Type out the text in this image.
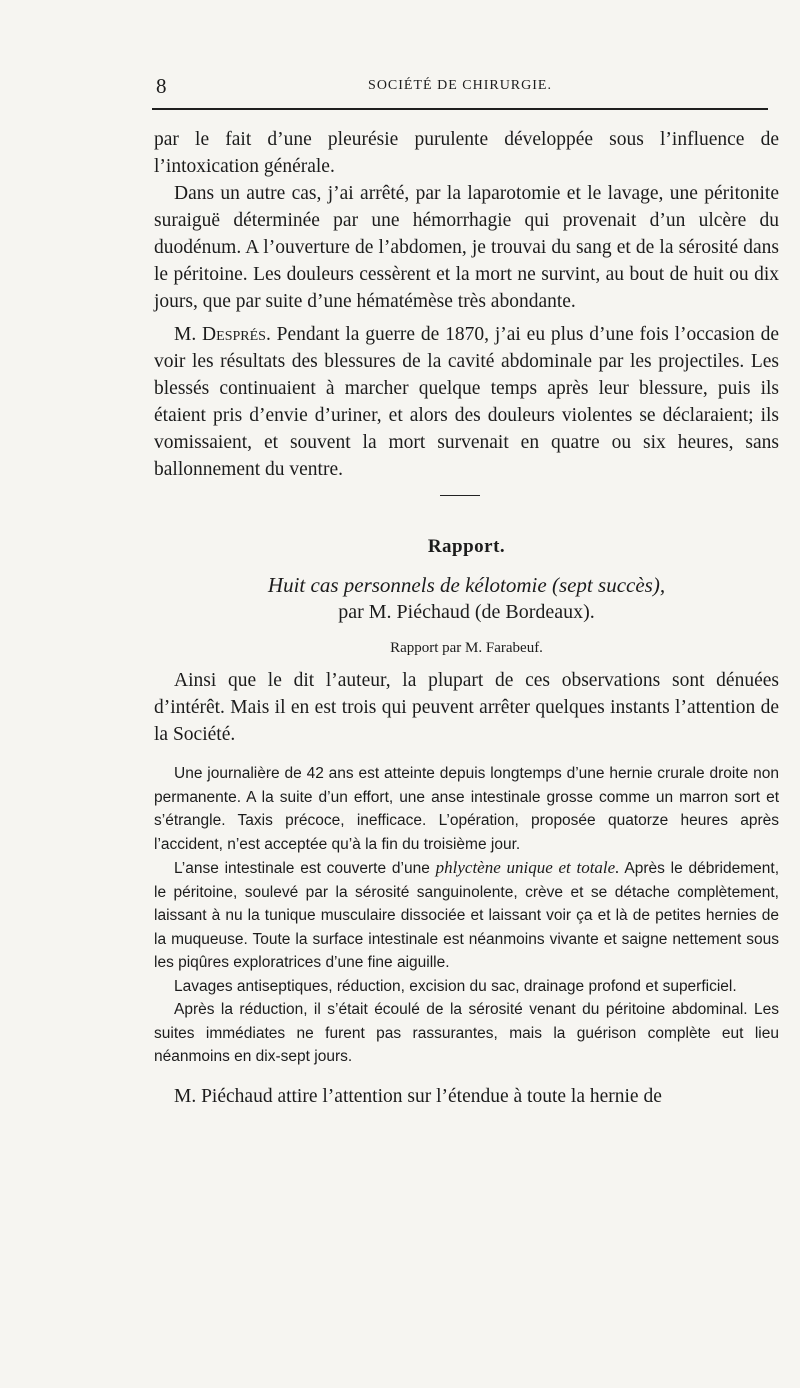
8	SOCIÉTÉ DE CHIRURGIE.

par le fait d’une pleurésie purulente développée sous l’influence de l’intoxication générale.

Dans un autre cas, j’ai arrêté, par la laparotomie et le lavage, une péritonite suraiguë déterminée par une hémorrhagie qui provenait d’un ulcère du duodénum. A l’ouverture de l’abdomen, je trouvai du sang et de la sérosité dans le péritoine. Les douleurs cessèrent et la mort ne survint, au bout de huit ou dix jours, que par suite d’une hématémèse très abondante.

M. Després. Pendant la guerre de 1870, j’ai eu plus d’une fois l’occasion de voir les résultats des blessures de la cavité abdominale par les projectiles. Les blessés continuaient à marcher quelque temps après leur blessure, puis ils étaient pris d’envie d’uriner, et alors des douleurs violentes se déclaraient; ils vomissaient, et souvent la mort survenait en quatre ou six heures, sans ballonnement du ventre.

Rapport.

Huit cas personnels de kélotomie (sept succès),

par M. Piéchaud (de Bordeaux).

Rapport par M. Farabeuf.

Ainsi que le dit l’auteur, la plupart de ces observations sont dénuées d’intérêt. Mais il en est trois qui peuvent arrêter quelques instants l’attention de la Société.

Une journalière de 42 ans est atteinte depuis longtemps d’une hernie crurale droite non permanente. A la suite d’un effort, une anse intestinale grosse comme un marron sort et s’étrangle. Taxis précoce, inefficace. L’opération, proposée quatorze heures après l’accident, n’est acceptée qu’à la fin du troisième jour.

L’anse intestinale est couverte d’une phlyctène unique et totale. Après le débridement, le péritoine, soulevé par la sérosité sanguinolente, crève et se détache complètement, laissant à nu la tunique musculaire dissociée et laissant voir ça et là de petites hernies de la muqueuse. Toute la surface intestinale est néanmoins vivante et saigne nettement sous les piqûres exploratrices d’une fine aiguille.

Lavages antiseptiques, réduction, excision du sac, drainage profond et superficiel.

Après la réduction, il s’était écoulé de la sérosité venant du péritoine abdominal. Les suites immédiates ne furent pas rassurantes, mais la guérison complète eut lieu néanmoins en dix-sept jours.

M. Piéchaud attire l’attention sur l’étendue à toute la hernie de
